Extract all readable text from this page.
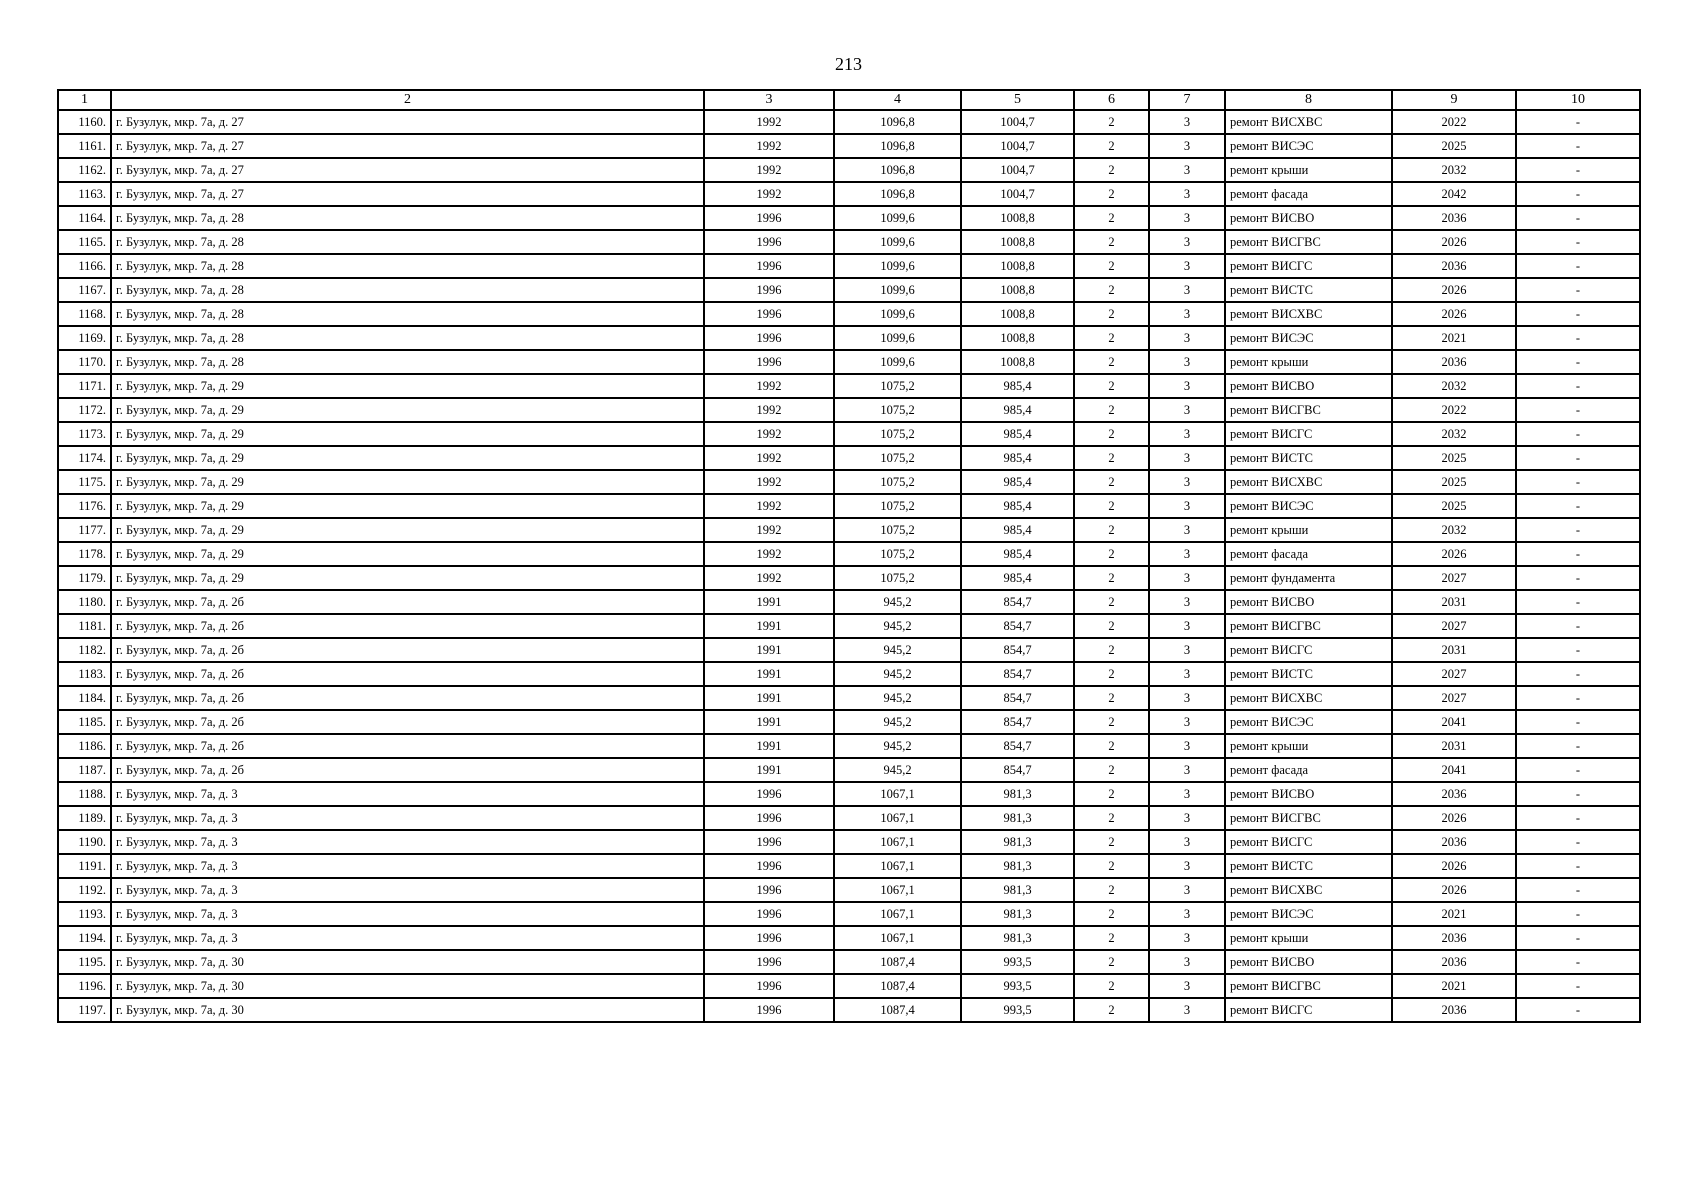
213
1	2	3	4	5	6	7	8	9	10
1160.	г. Бузулук, мкр. 7а, д. 27	1992	1096,8	1004,7	2	3	ремонт ВИСХВС	2022	-
1161.	г. Бузулук, мкр. 7а, д. 27	1992	1096,8	1004,7	2	3	ремонт ВИСЭС	2025	-
1162.	г. Бузулук, мкр. 7а, д. 27	1992	1096,8	1004,7	2	3	ремонт крыши	2032	-
1163.	г. Бузулук, мкр. 7а, д. 27	1992	1096,8	1004,7	2	3	ремонт фасада	2042	-
1164.	г. Бузулук, мкр. 7а, д. 28	1996	1099,6	1008,8	2	3	ремонт ВИСВО	2036	-
1165.	г. Бузулук, мкр. 7а, д. 28	1996	1099,6	1008,8	2	3	ремонт ВИСГВС	2026	-
1166.	г. Бузулук, мкр. 7а, д. 28	1996	1099,6	1008,8	2	3	ремонт ВИСГС	2036	-
1167.	г. Бузулук, мкр. 7а, д. 28	1996	1099,6	1008,8	2	3	ремонт ВИСТС	2026	-
1168.	г. Бузулук, мкр. 7а, д. 28	1996	1099,6	1008,8	2	3	ремонт ВИСХВС	2026	-
1169.	г. Бузулук, мкр. 7а, д. 28	1996	1099,6	1008,8	2	3	ремонт ВИСЭС	2021	-
1170.	г. Бузулук, мкр. 7а, д. 28	1996	1099,6	1008,8	2	3	ремонт крыши	2036	-
1171.	г. Бузулук, мкр. 7а, д. 29	1992	1075,2	985,4	2	3	ремонт ВИСВО	2032	-
1172.	г. Бузулук, мкр. 7а, д. 29	1992	1075,2	985,4	2	3	ремонт ВИСГВС	2022	-
1173.	г. Бузулук, мкр. 7а, д. 29	1992	1075,2	985,4	2	3	ремонт ВИСГС	2032	-
1174.	г. Бузулук, мкр. 7а, д. 29	1992	1075,2	985,4	2	3	ремонт ВИСТС	2025	-
1175.	г. Бузулук, мкр. 7а, д. 29	1992	1075,2	985,4	2	3	ремонт ВИСХВС	2025	-
1176.	г. Бузулук, мкр. 7а, д. 29	1992	1075,2	985,4	2	3	ремонт ВИСЭС	2025	-
1177.	г. Бузулук, мкр. 7а, д. 29	1992	1075,2	985,4	2	3	ремонт крыши	2032	-
1178.	г. Бузулук, мкр. 7а, д. 29	1992	1075,2	985,4	2	3	ремонт фасада	2026	-
1179.	г. Бузулук, мкр. 7а, д. 29	1992	1075,2	985,4	2	3	ремонт фундамента	2027	-
1180.	г. Бузулук, мкр. 7а, д. 2б	1991	945,2	854,7	2	3	ремонт ВИСВО	2031	-
1181.	г. Бузулук, мкр. 7а, д. 2б	1991	945,2	854,7	2	3	ремонт ВИСГВС	2027	-
1182.	г. Бузулук, мкр. 7а, д. 2б	1991	945,2	854,7	2	3	ремонт ВИСГС	2031	-
1183.	г. Бузулук, мкр. 7а, д. 2б	1991	945,2	854,7	2	3	ремонт ВИСТС	2027	-
1184.	г. Бузулук, мкр. 7а, д. 2б	1991	945,2	854,7	2	3	ремонт ВИСХВС	2027	-
1185.	г. Бузулук, мкр. 7а, д. 2б	1991	945,2	854,7	2	3	ремонт ВИСЭС	2041	-
1186.	г. Бузулук, мкр. 7а, д. 2б	1991	945,2	854,7	2	3	ремонт крыши	2031	-
1187.	г. Бузулук, мкр. 7а, д. 2б	1991	945,2	854,7	2	3	ремонт фасада	2041	-
1188.	г. Бузулук, мкр. 7а, д. 3	1996	1067,1	981,3	2	3	ремонт ВИСВО	2036	-
1189.	г. Бузулук, мкр. 7а, д. 3	1996	1067,1	981,3	2	3	ремонт ВИСГВС	2026	-
1190.	г. Бузулук, мкр. 7а, д. 3	1996	1067,1	981,3	2	3	ремонт ВИСГС	2036	-
1191.	г. Бузулук, мкр. 7а, д. 3	1996	1067,1	981,3	2	3	ремонт ВИСТС	2026	-
1192.	г. Бузулук, мкр. 7а, д. 3	1996	1067,1	981,3	2	3	ремонт ВИСХВС	2026	-
1193.	г. Бузулук, мкр. 7а, д. 3	1996	1067,1	981,3	2	3	ремонт ВИСЭС	2021	-
1194.	г. Бузулук, мкр. 7а, д. 3	1996	1067,1	981,3	2	3	ремонт крыши	2036	-
1195.	г. Бузулук, мкр. 7а, д. 30	1996	1087,4	993,5	2	3	ремонт ВИСВО	2036	-
1196.	г. Бузулук, мкр. 7а, д. 30	1996	1087,4	993,5	2	3	ремонт ВИСГВС	2021	-
1197.	г. Бузулук, мкр. 7а, д. 30	1996	1087,4	993,5	2	3	ремонт ВИСГС	2036	-
